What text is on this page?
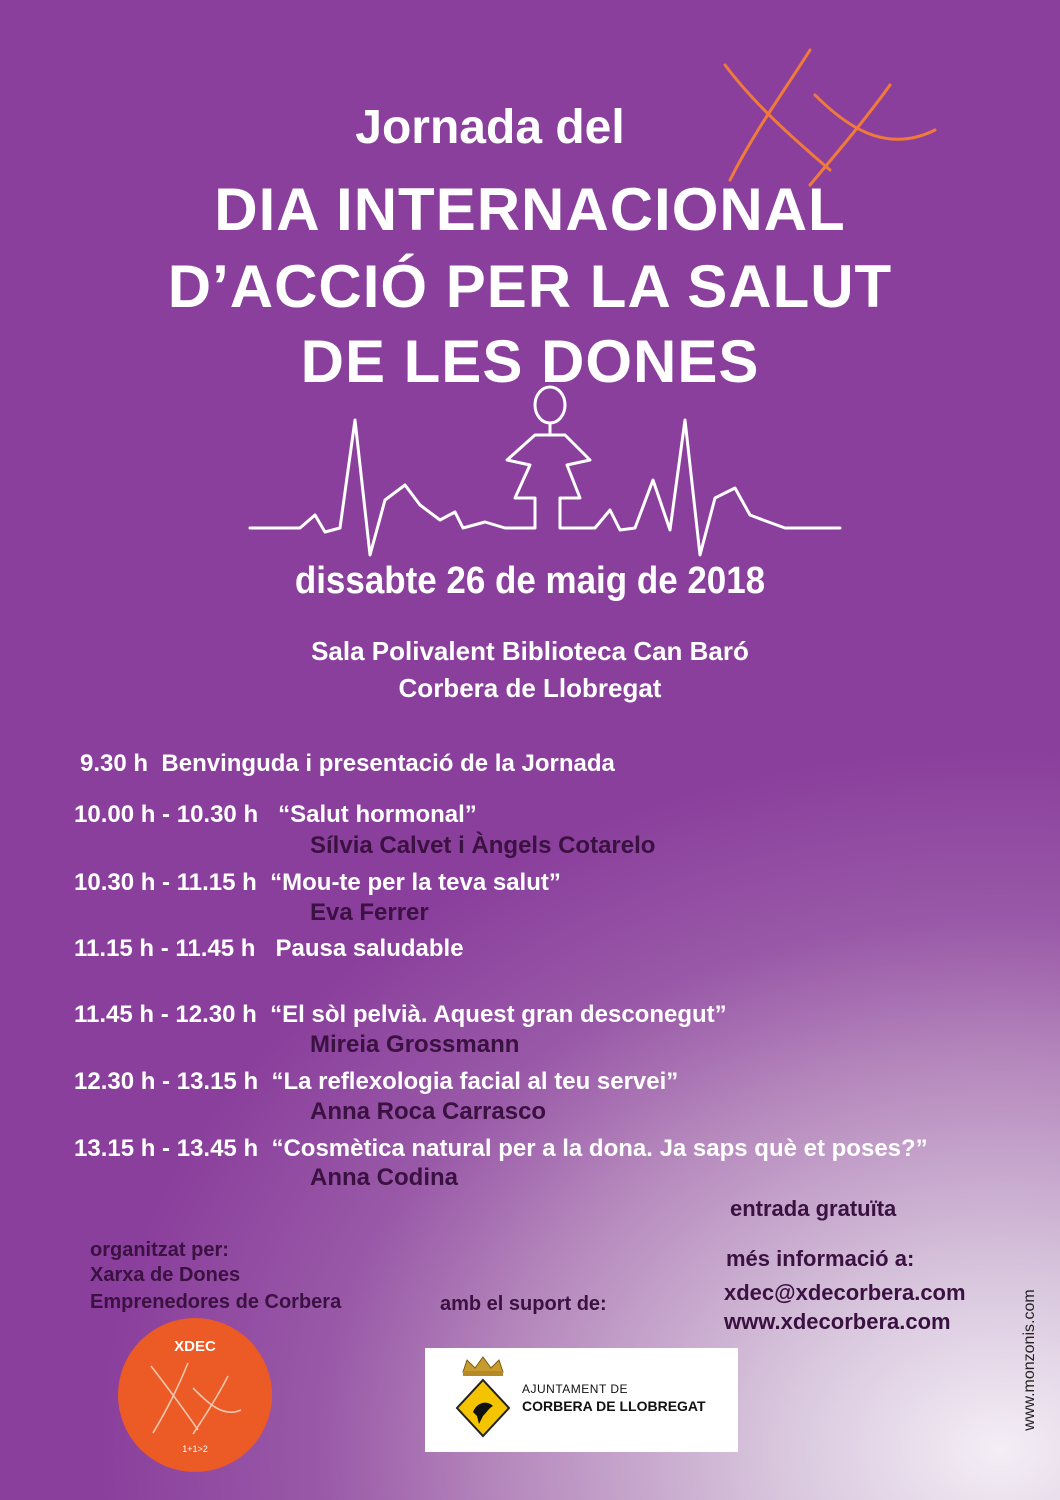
Jornada del
DIA INTERNACIONAL
D’ACCIÓ PER LA SALUT
DE LES DONES
dissabte 26 de maig de 2018
Sala Polivalent Biblioteca Can Baró
Corbera de Llobregat
9.30 h Benvinguda i presentació de la Jornada
10.00 h - 10.30 h “Salut hormonal”
Sílvia Calvet i Àngels Cotarelo
10.30 h - 11.15 h “Mou-te per la teva salut”
Eva Ferrer
11.15 h - 11.45 h Pausa saludable
11.45 h - 12.30 h “El sòl pelvià. Aquest gran desconegut”
Mireia Grossmann
12.30 h - 13.15 h “La reflexologia facial al teu servei”
Anna Roca Carrasco
13.15 h - 13.45 h “Cosmètica natural per a la dona. Ja saps què et poses?”
Anna Codina
entrada gratuïta
més informació a:
xdec@xdecorbera.com
www.xdecorbera.com
organitzat per:
Xarxa de Dones
Emprenedores de Corbera
XDEC
1+1>2
amb el suport de:
AJUNTAMENT DE
CORBERA DE LLOBREGAT	www.monzonis.com
